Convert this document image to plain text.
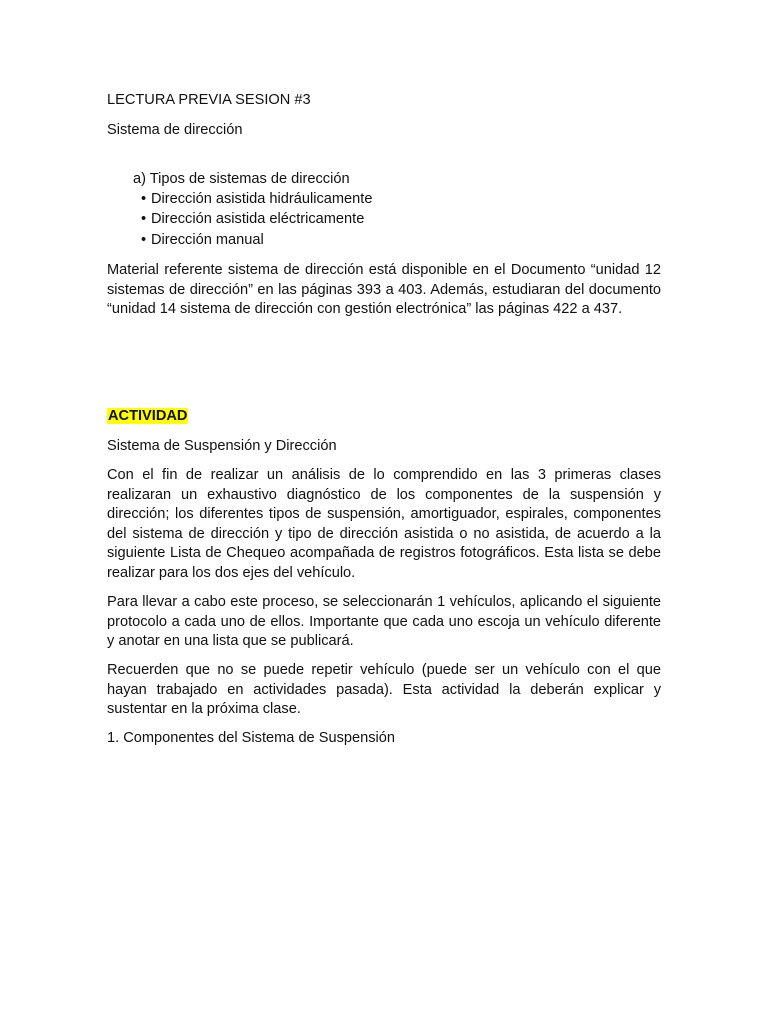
LECTURA PREVIA SESION #3

Sistema de dirección

a) Tipos de sistemas de dirección

• Dirección asistida hidráulicamente
• Dirección asistida eléctricamente
• Dirección manual

Material referente sistema de dirección está disponible en el Documento “unidad 12 sistemas de dirección” en las páginas 393 a 403. Además, estudiaran del documento “unidad 14 sistema de dirección con gestión electrónica” las páginas 422 a 437.

ACTIVIDAD

Sistema de Suspensión y Dirección

Con el fin de realizar un análisis de lo comprendido en las 3 primeras clases realizaran un exhaustivo diagnóstico de los componentes de la suspensión y dirección; los diferentes tipos de suspensión, amortiguador, espirales, componentes del sistema de dirección y tipo de dirección asistida o no asistida, de acuerdo a la siguiente Lista de Chequeo acompañada de registros fotográficos. Esta lista se debe realizar para los dos ejes del vehículo.

Para llevar a cabo este proceso, se seleccionarán 1 vehículos, aplicando el siguiente protocolo a cada uno de ellos. Importante que cada uno escoja un vehículo diferente y anotar en una lista que se publicará.

Recuerden que no se puede repetir vehículo (puede ser un vehículo con el que hayan trabajado en actividades pasada). Esta actividad la deberán explicar y sustentar en la próxima clase.

1. Componentes del Sistema de Suspensión
